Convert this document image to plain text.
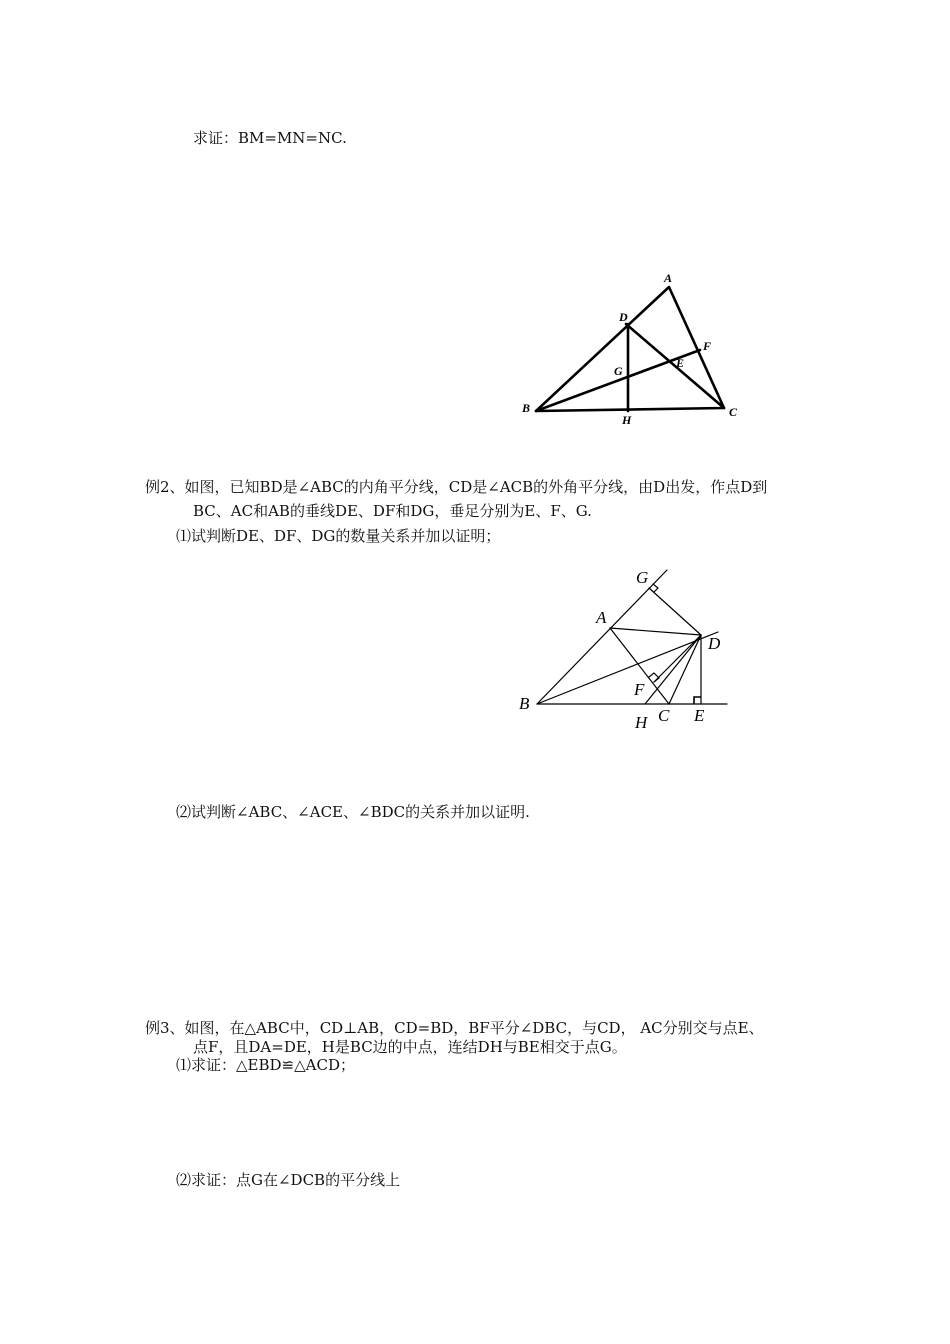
求证：BM=MN=NC.
A
B	C
D
E
F
G
H
例2、如图，已知BD是∠ABC的内角平分线，CD是∠ACB的外角平分线，由D出发，作点D到
BC、AC和AB的垂线DE、DF和DG，垂足分别为E、F、G.
⑴试判断DE、DF、DG的数量关系并加以证明；
G
A
B
D
F
C E
H
⑵试判断∠ABC、∠ACE、∠BDC的关系并加以证明.
例3、如图，在△ABC中，CD⊥AB，CD=BD，BF平分∠DBC，与CD， AC分别交与点E、
点F，且DA=DE，H是BC边的中点，连结DH与BE相交于点G。
⑴求证：△EBD≌△ACD；
⑵求证：点G在∠DCB的平分线上
